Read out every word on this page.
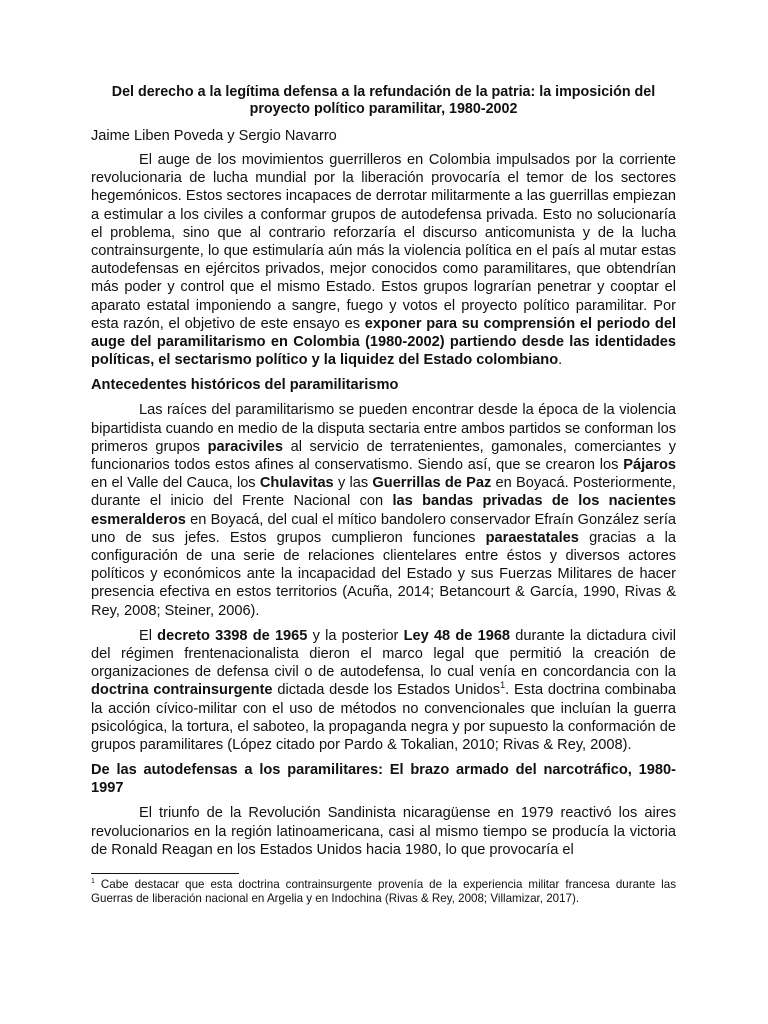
Del derecho a la legítima defensa a la refundación de la patria: la imposición del proyecto político paramilitar, 1980-2002
Jaime Liben Poveda y Sergio Navarro

El auge de los movimientos guerrilleros en Colombia impulsados por la corriente revolucionaria de lucha mundial por la liberación provocaría el temor de los sectores hegemónicos. Estos sectores incapaces de derrotar militarmente a las guerrillas empiezan a estimular a los civiles a conformar grupos de autodefensa privada. Esto no solucionaría el problema, sino que al contrario reforzaría el discurso anticomunista y de la lucha contrainsurgente, lo que estimularía aún más la violencia política en el país al mutar estas autodefensas en ejércitos privados, mejor conocidos como paramilitares, que obtendrían más poder y control que el mismo Estado. Estos grupos lograrían penetrar y cooptar el aparato estatal imponiendo a sangre, fuego y votos el proyecto político paramilitar. Por esta razón, el objetivo de este ensayo es exponer para su comprensión el periodo del auge del paramilitarismo en Colombia (1980-2002) partiendo desde las identidades políticas, el sectarismo político y la liquidez del Estado colombiano.

Antecedentes históricos del paramilitarismo

Las raíces del paramilitarismo se pueden encontrar desde la época de la violencia bipartidista cuando en medio de la disputa sectaria entre ambos partidos se conforman los primeros grupos paraciviles al servicio de terratenientes, gamonales, comerciantes y funcionarios todos estos afines al conservatismo. Siendo así, que se crearon los Pájaros en el Valle del Cauca, los Chulavitas y las Guerrillas de Paz en Boyacá. Posteriormente, durante el inicio del Frente Nacional con las bandas privadas de los nacientes esmeralderos en Boyacá, del cual el mítico bandolero conservador Efraín González sería uno de sus jefes. Estos grupos cumplieron funciones paraestatales gracias a la configuración de una serie de relaciones clientelares entre éstos y diversos actores políticos y económicos ante la incapacidad del Estado y sus Fuerzas Militares de hacer presencia efectiva en estos territorios (Acuña, 2014; Betancourt & García, 1990, Rivas & Rey, 2008; Steiner, 2006).

El decreto 3398 de 1965 y la posterior Ley 48 de 1968 durante la dictadura civil del régimen frentenacionalista dieron el marco legal que permitió la creación de organizaciones de defensa civil o de autodefensa, lo cual venía en concordancia con la doctrina contrainsurgente dictada desde los Estados Unidos$^1$. Esta doctrina combinaba la acción cívico-militar con el uso de métodos no convencionales que incluían la guerra psicológica, la tortura, el saboteo, la propaganda negra y por supuesto la conformación de grupos paramilitares (López citado por Pardo & Tokalian, 2010; Rivas & Rey, 2008).

De las autodefensas a los paramilitares: El brazo armado del narcotráfico, 1980-1997

El triunfo de la Revolución Sandinista nicaragüense en 1979 reactivó los aires revolucionarios en la región latinoamericana, casi al mismo tiempo se producía la victoria de Ronald Reagan en los Estados Unidos hacia 1980, lo que provocaría el

$^1$ Cabe destacar que esta doctrina contrainsurgente provenía de la experiencia militar francesa durante las Guerras de liberación nacional en Argelia y en Indochina (Rivas & Rey, 2008; Villamizar, 2017).
